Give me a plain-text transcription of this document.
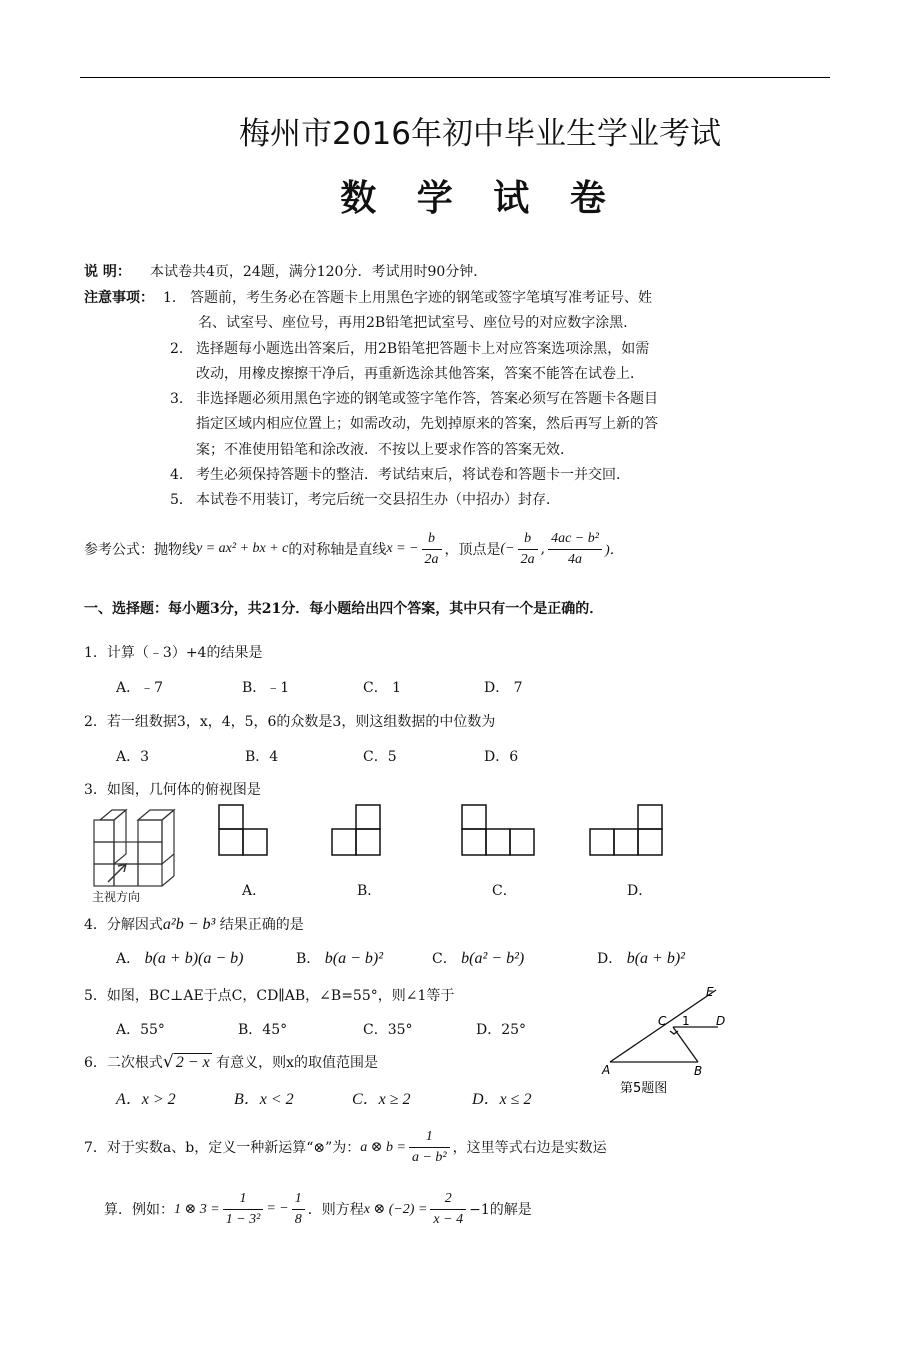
梅州市2016年初中毕业生学业考试
数 学 试 卷
说 明： 本试卷共4页，24题，满分120分．考试用时90分钟．
注意事项： 1． 答题前，考生务必在答题卡上用黑色字迹的钢笔或签字笔填写准考证号、姓
名、试室号、座位号，再用2B铅笔把试室号、座位号的对应数字涂黑．
2． 选择题每小题选出答案后，用2B铅笔把答题卡上对应答案选项涂黑，如需
改动，用橡皮擦擦干净后，再重新选涂其他答案，答案不能答在试卷上．
3． 非选择题必须用黑色字迹的钢笔或签字笔作答，答案必须写在答题卡各题目
指定区域内相应位置上；如需改动，先划掉原来的答案，然后再写上新的答
案；不准使用铅笔和涂改液．不按以上要求作答的答案无效．
4． 考生必须保持答题卡的整洁．考试结束后，将试卷和答题卡一并交回．
5． 本试卷不用装订，考完后统一交县招生办（中招办）封存．
参考公式：抛物线 y = ax² + bx + c 的对称轴是直线 x = − $\frac{b}{2a}$ ，顶点是 (− $\frac{b}{2a}$ , $\frac{\text{4ac − b²}}{4a}$ )．
一、选择题：每小题3分，共21分．每小题给出四个答案，其中只有一个是正确的．
1．计算（﹣3）+4的结果是
A．﹣7	B．﹣1	C． 1	D． 7
2．若一组数据3，x，4，5，6的众数是3，则这组数据的中位数为
A．3	B．4	C．5	D．6
3．如图，几何体的俯视图是
主视方向	A．	B．	C．	D．
4．分解因式a²b − b³ 结果正确的是
A． b(a + b)(a − b)	B． b(a − b)²	C． b(a² − b²)	D． b(a + b)²
5．如图，BC⊥AE于点C，CD∥AB，∠B=55°，则∠1等于
A．55°	B．45°	C．35°	D．25°
E
C 1 D
A	B
第5题图
6．二次根式√ 2 − x 有意义，则x的取值范围是
A．x > 2	B．x < 2	C．x ≥ 2	D．x ≤ 2
7．对于实数a、b，定义一种新运算“⊗”为： a ⊗ $b = \frac{1}{\text{a − b²}}$ ，这里等式右边是实数运
算．例如： 1 ⊗ $3 = \frac{1}{\text{1 − 3²}}$ = − $\frac{1}{8}$ ．则方程 x ⊗ $(-2) = \frac{2}{x - 4} -1$的解是
